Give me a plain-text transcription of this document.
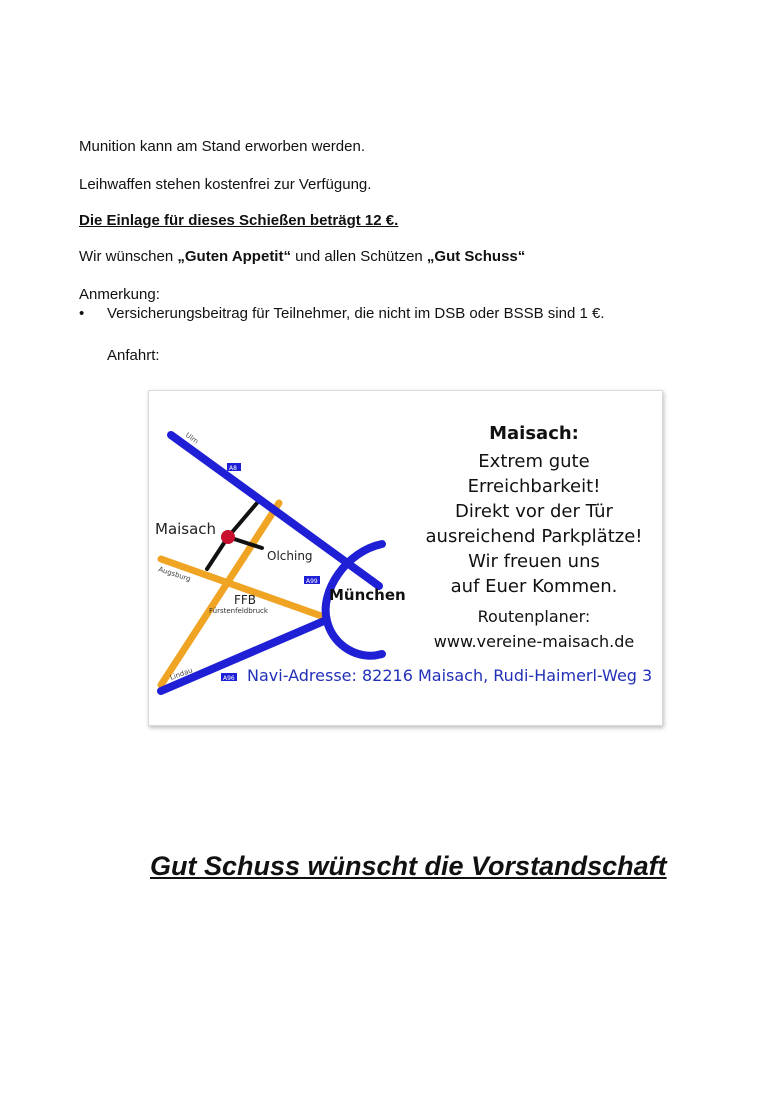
Munition kann am Stand erworben werden.
Leihwaffen stehen kostenfrei zur Verfügung.
Die Einlage für dieses Schießen beträgt 12 €.
Wir wünschen „Guten Appetit“ und allen Schützen „Gut Schuss“
Anmerkung:
• Versicherungsbeitrag für Teilnehmer, die nicht im DSB oder BSSB sind 1 €.
Anfahrt:
Ulm
A8
Maisach
Olching
Augsburg	A99
FFB
Fürstenfeldbruck
München
Lindau	A96
Maisach:
Extrem gute
Erreichbarkeit!
Direkt vor der Tür
ausreichend Parkplätze!
Wir freuen uns
auf Euer Kommen.
Routenplaner:
www.vereine-maisach.de
Navi-Adresse: 82216 Maisach, Rudi-Haimerl-Weg 3
Gut Schuss wünscht die Vorstandschaft
